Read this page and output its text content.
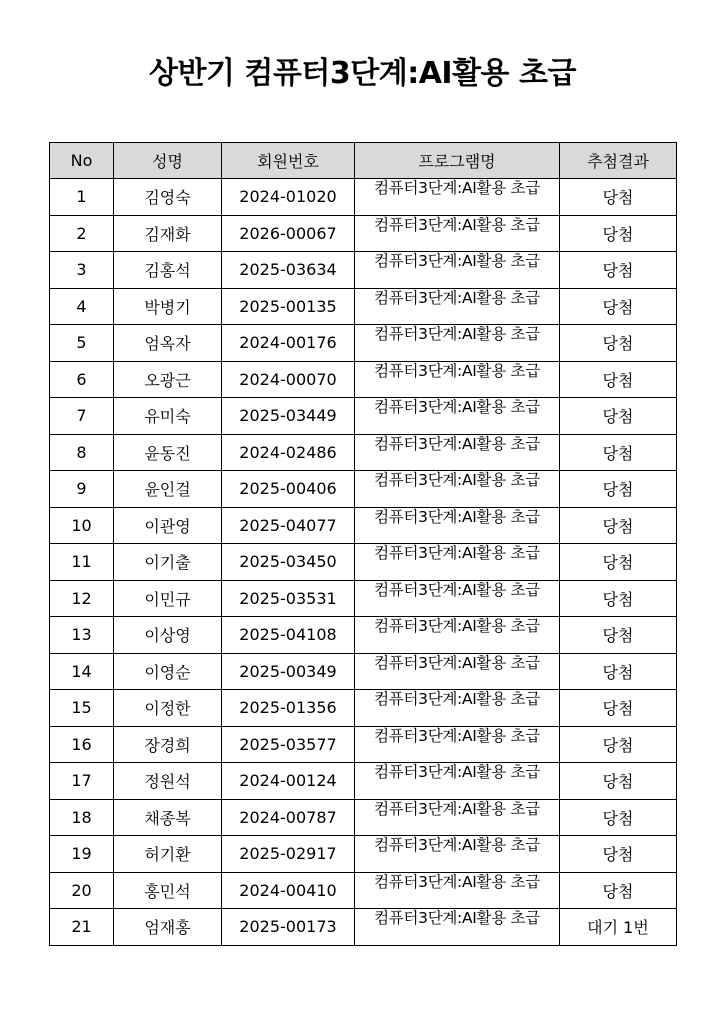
상반기 컴퓨터3단계:AI활용 초급
No	성명	회원번호	프로그램명	추첨결과
1	김영숙	2024-01020	컴퓨터3단계:AI활용 초급	당첨
2	김재화	2026-00067	컴퓨터3단계:AI활용 초급	당첨
3	김홍석	2025-03634	컴퓨터3단계:AI활용 초급	당첨
4	박병기	2025-00135	컴퓨터3단계:AI활용 초급	당첨
5	엄옥자	2024-00176	컴퓨터3단계:AI활용 초급	당첨
6	오광근	2024-00070	컴퓨터3단계:AI활용 초급	당첨
7	유미숙	2025-03449	컴퓨터3단계:AI활용 초급	당첨
8	윤동진	2024-02486	컴퓨터3단계:AI활용 초급	당첨
9	윤인걸	2025-00406	컴퓨터3단계:AI활용 초급	당첨
10	이관영	2025-04077	컴퓨터3단계:AI활용 초급	당첨
11	이기출	2025-03450	컴퓨터3단계:AI활용 초급	당첨
12	이민규	2025-03531	컴퓨터3단계:AI활용 초급	당첨
13	이상영	2025-04108	컴퓨터3단계:AI활용 초급	당첨
14	이영순	2025-00349	컴퓨터3단계:AI활용 초급	당첨
15	이정한	2025-01356	컴퓨터3단계:AI활용 초급	당첨
16	장경희	2025-03577	컴퓨터3단계:AI활용 초급	당첨
17	정원석	2024-00124	컴퓨터3단계:AI활용 초급	당첨
18	채종복	2024-00787	컴퓨터3단계:AI활용 초급	당첨
19	허기환	2025-02917	컴퓨터3단계:AI활용 초급	당첨
20	홍민석	2024-00410	컴퓨터3단계:AI활용 초급	당첨
21	엄재홍	2025-00173	컴퓨터3단계:AI활용 초급	대기 1번
